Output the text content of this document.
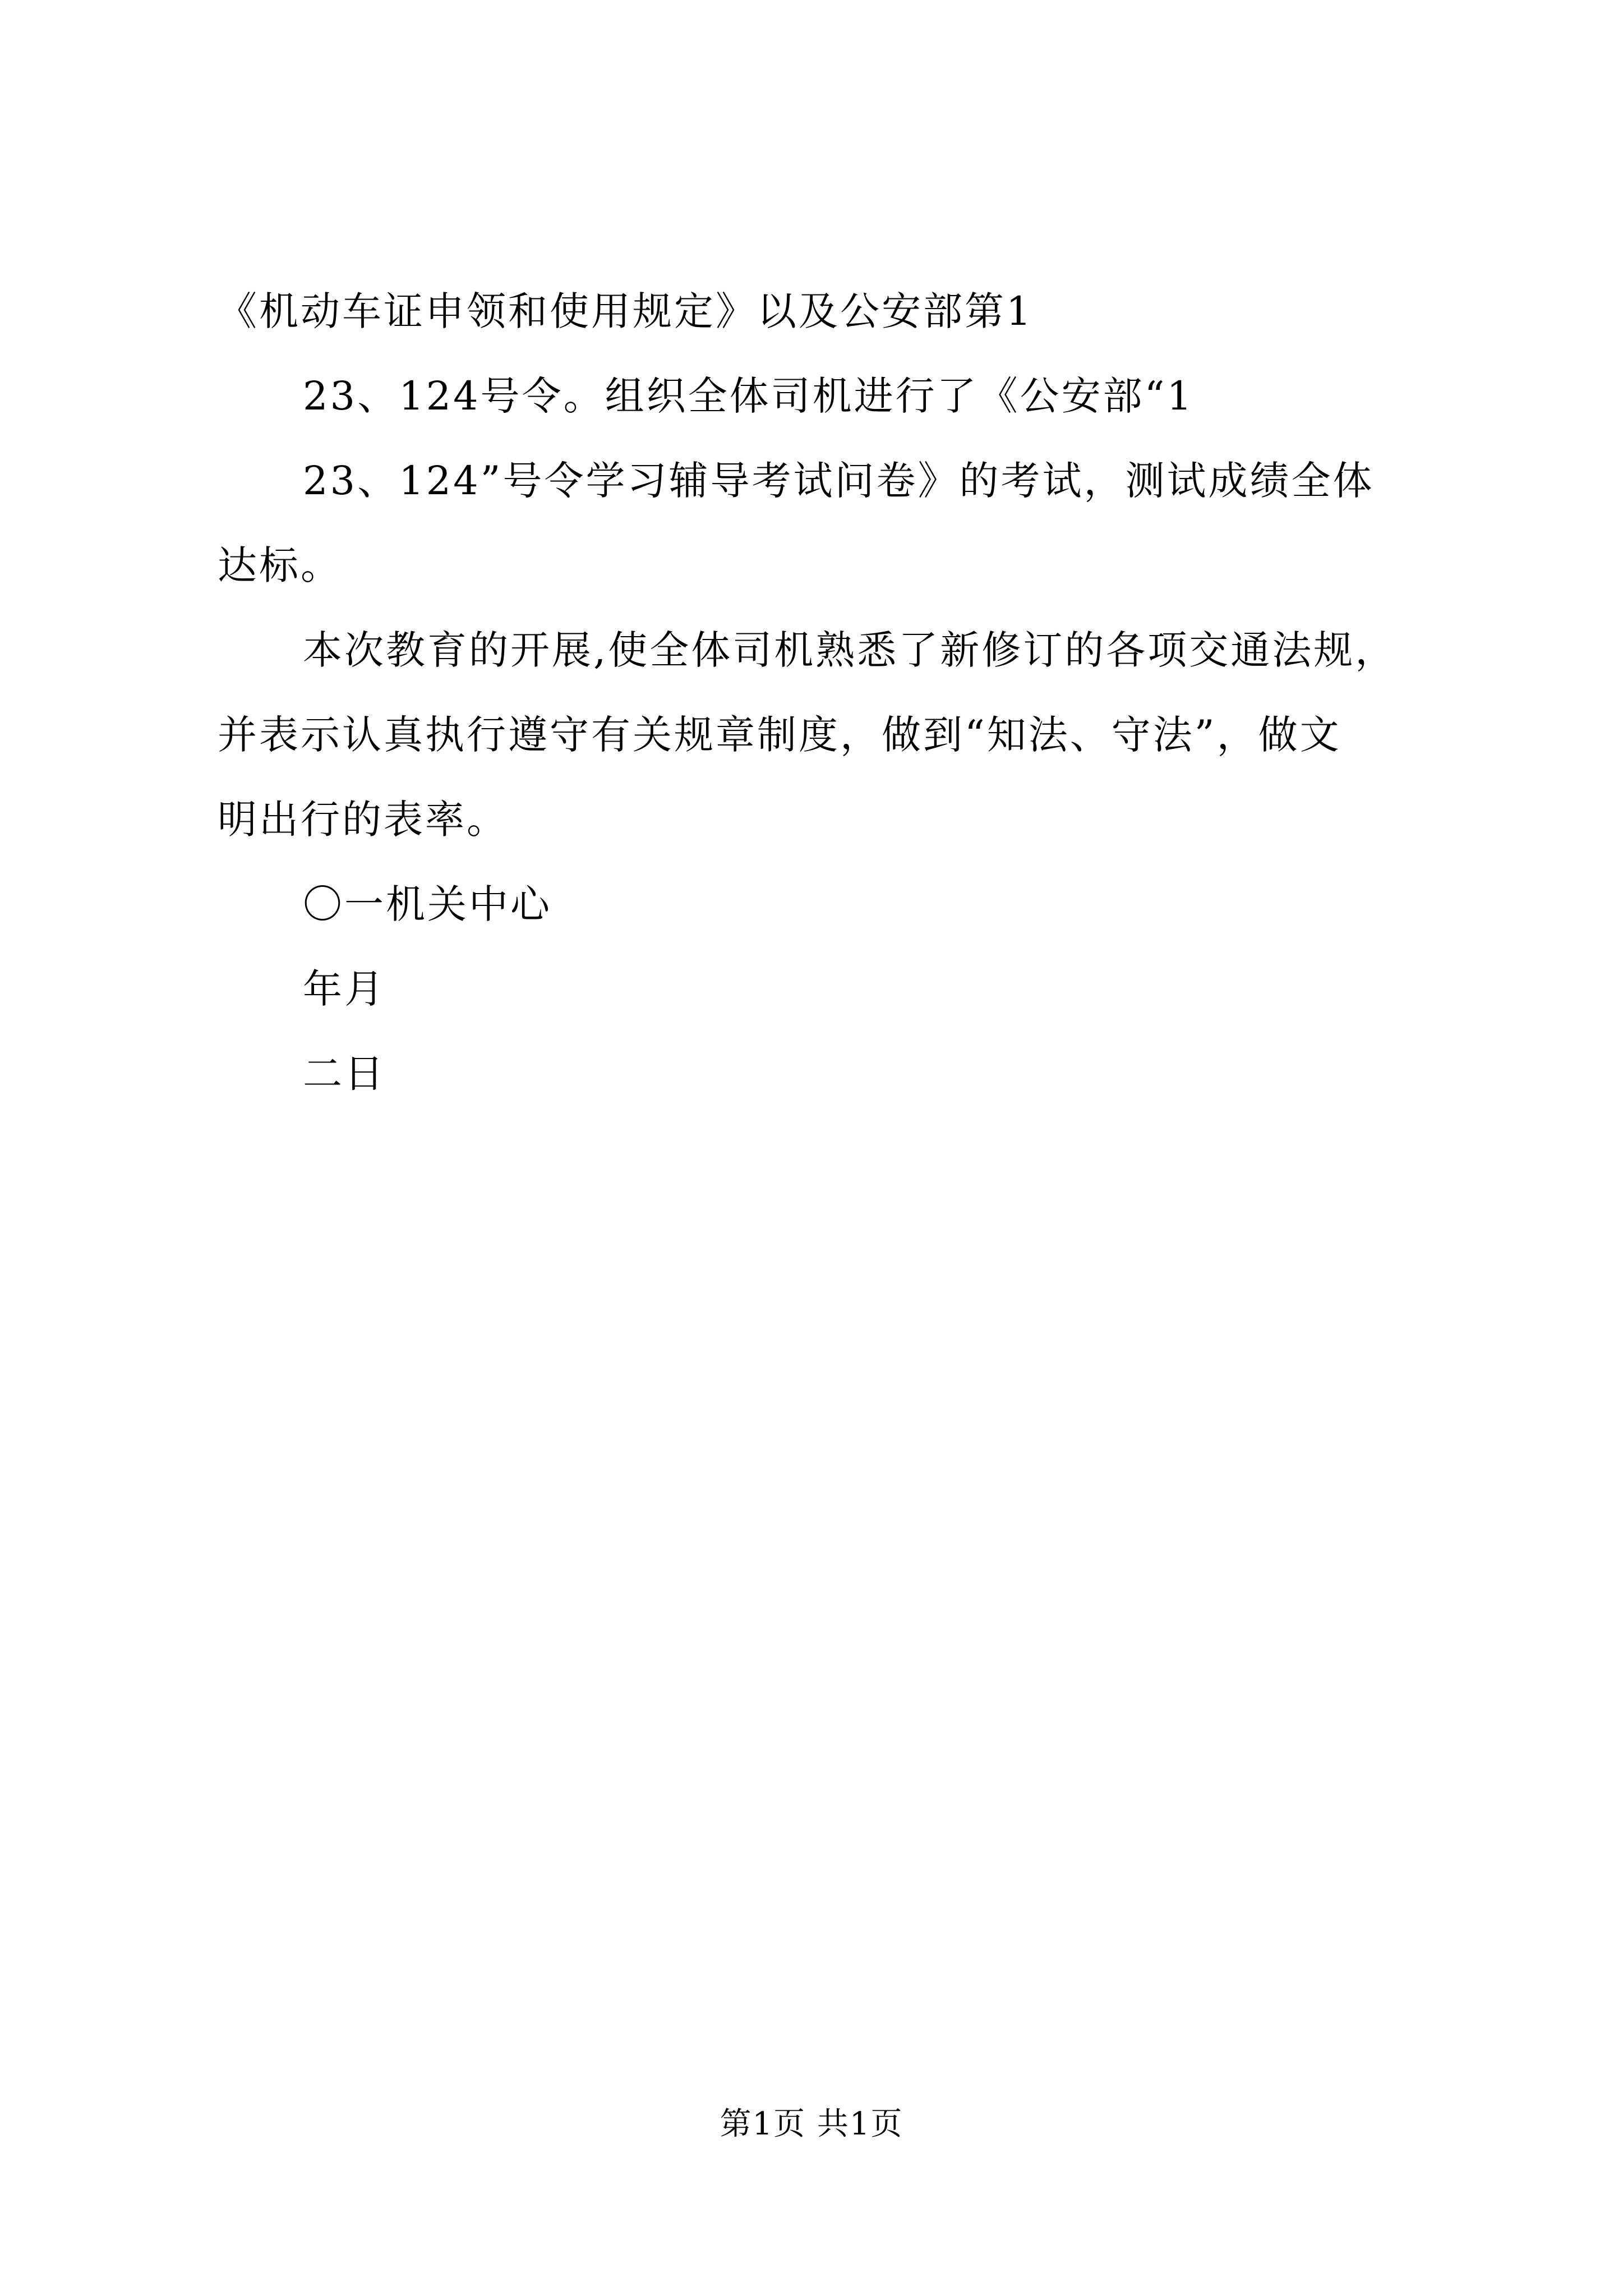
《机动车证申领和使用规定》以及公安部第1
23、124号令。组织全体司机进行了《公安部“1
23、124”号令学习辅导考试问卷》的考试，测试成绩全体
达标。
本次教育的开展,使全体司机熟悉了新修订的各项交通法规，
并表示认真执行遵守有关规章制度，做到“知法、守法”，做文
明出行的表率。
〇一机关中心
年月
二日
第1页 共1页
